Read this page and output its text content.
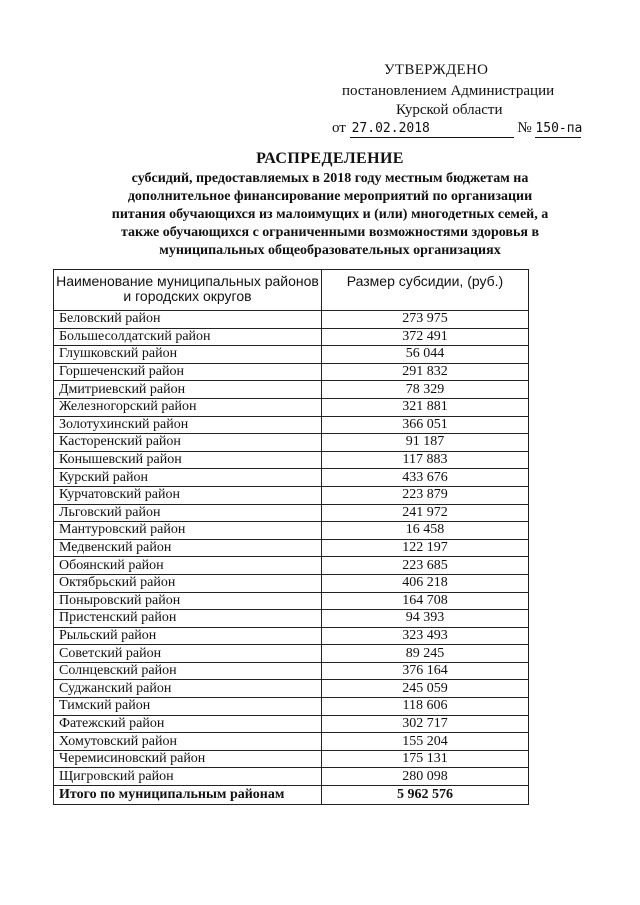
УТВЕРЖДЕНО
постановлением Администрации
Курской области
от 27.02.2018	№ 150-па
РАСПРЕДЕЛЕНИЕ
субсидий, предоставляемых в 2018 году местным бюджетам на
дополнительное финансирование мероприятий по организации
питания обучающихся из малоимущих и (или) многодетных семей, а
также обучающихся с ограниченными возможностями здоровья в
муниципальных общеобразовательных организациях
Наименование муниципальных районов
и городских округов	Размер субсидии, (руб.)
Беловский район	273 975
Большесолдатский район	372 491
Глушковский район	56 044
Горшеченский район	291 832
Дмитриевский район	78 329
Железногорский район	321 881
Золотухинский район	366 051
Касторенский район	91 187
Конышевский район	117 883
Курский район	433 676
Курчатовский район	223 879
Льговский район	241 972
Мантуровский район	16 458
Медвенский район	122 197
Обоянский район	223 685
Октябрьский район	406 218
Поныровский район	164 708
Пристенский район	94 393
Рыльский район	323 493
Советский район	89 245
Солнцевский район	376 164
Суджанский район	245 059
Тимский район	118 606
Фатежский район	302 717
Хомутовский район	155 204
Черемисиновский район	175 131
Щигровский район	280 098
Итого по муниципальным районам	5 962 576
